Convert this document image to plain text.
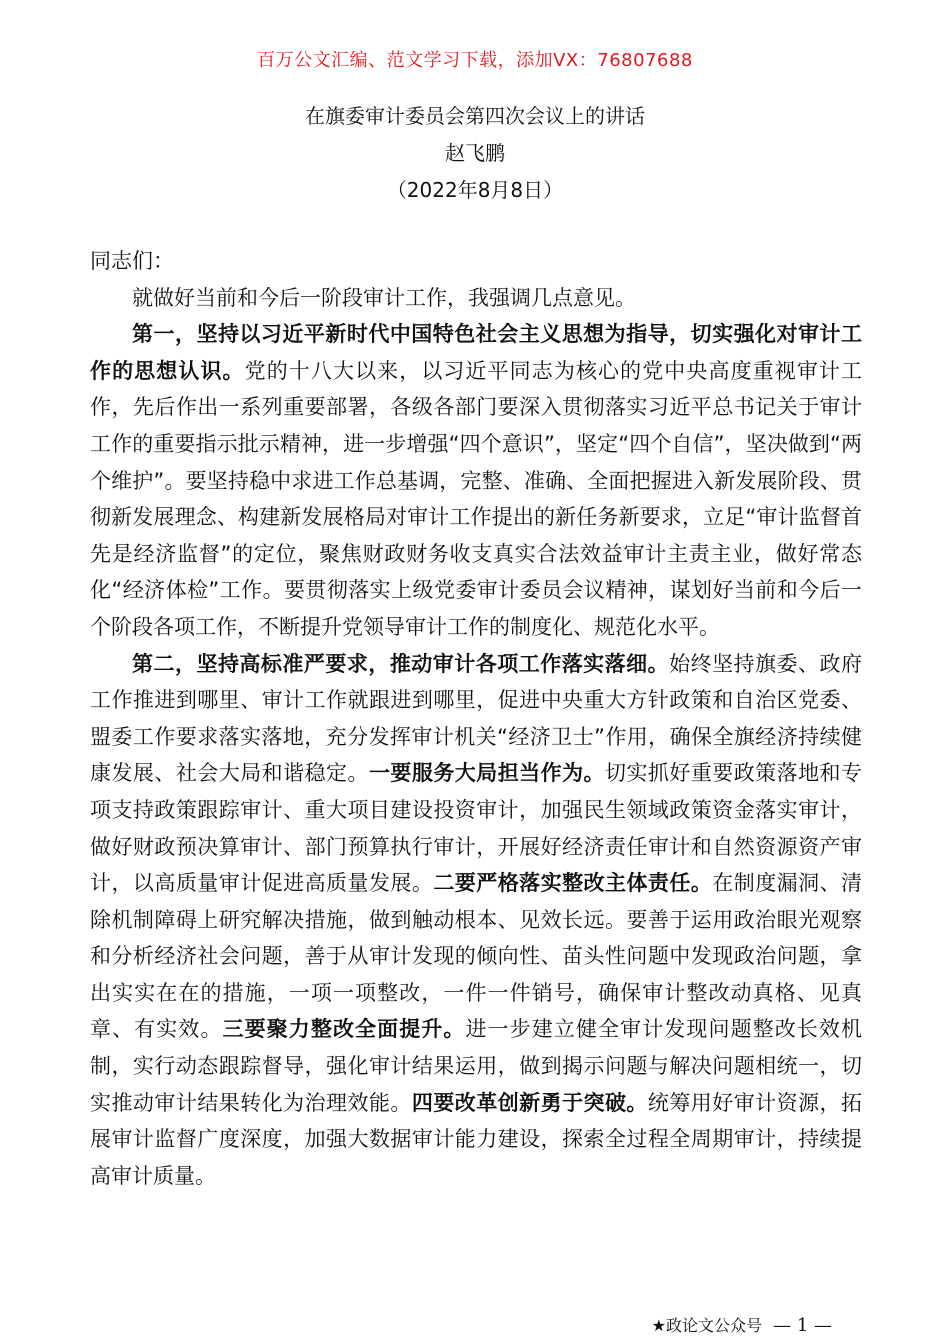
百万公文汇编、范文学习下载，添加VX：76807688
在旗委审计委员会第四次会议上的讲话
赵飞鹏
（2022年8月8日）

同志们：

就做好当前和今后一阶段审计工作，我强调几点意见。

第一，坚持以习近平新时代中国特色社会主义思想为指导，切实强化对审计工作的思想认识。党的十八大以来，以习近平同志为核心的党中央高度重视审计工作，先后作出一系列重要部署，各级各部门要深入贯彻落实习近平总书记关于审计工作的重要指示批示精神，进一步增强“四个意识”，坚定“四个自信”，坚决做到“两个维护”。要坚持稳中求进工作总基调，完整、准确、全面把握进入新发展阶段、贯彻新发展理念、构建新发展格局对审计工作提出的新任务新要求，立足“审计监督首先是经济监督”的定位，聚焦财政财务收支真实合法效益审计主责主业，做好常态化“经济体检”工作。要贯彻落实上级党委审计委员会议精神，谋划好当前和今后一个阶段各项工作，不断提升党领导审计工作的制度化、规范化水平。

第二，坚持高标准严要求，推动审计各项工作落实落细。始终坚持旗委、政府工作推进到哪里、审计工作就跟进到哪里，促进中央重大方针政策和自治区党委、盟委工作要求落实落地，充分发挥审计机关“经济卫士”作用，确保全旗经济持续健康发展、社会大局和谐稳定。一要服务大局担当作为。切实抓好重要政策落地和专项支持政策跟踪审计、重大项目建设投资审计，加强民生领域政策资金落实审计，做好财政预决算审计、部门预算执行审计，开展好经济责任审计和自然资源资产审计，以高质量审计促进高质量发展。二要严格落实整改主体责任。在制度漏洞、清除机制障碍上研究解决措施，做到触动根本、见效长远。要善于运用政治眼光观察和分析经济社会问题，善于从审计发现的倾向性、苗头性问题中发现政治问题，拿出实实在在的措施，一项一项整改，一件一件销号，确保审计整改动真格、见真章、有实效。三要聚力整改全面提升。进一步建立健全审计发现问题整改长效机制，实行动态跟踪督导，强化审计结果运用，做到揭示问题与解决问题相统一，切实推动审计结果转化为治理效能。四要改革创新勇于突破。统筹用好审计资源，拓展审计监督广度深度，加强大数据审计能力建设，探索全过程全周期审计，持续提高审计质量。

★政论文公众号 — 1 —
